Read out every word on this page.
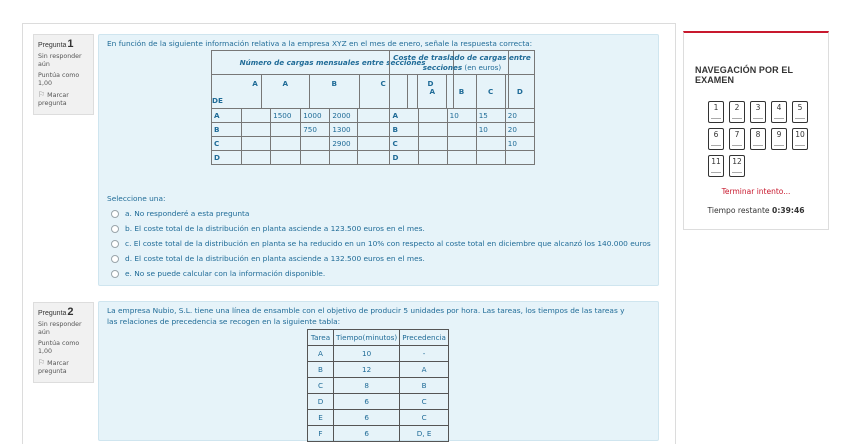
Pregunta1
Sin responder aún
Puntúa como 1,00
⚐ Marcar pregunta
En función de la siguiente información relativa a la empresa XYZ en el mes de enero, señale la respuesta correcta:
Número de cargas mensuales entre secciones					

A
DE	A	B	C	D	
Coste de traslado de cargas entre secciones (en euros)
	A	B	C	D
A		1500	1000	2000		A		10	15	20
B			750	1300		B			10	20
C				2900		C				10
D						D				
Seleccione una:
a. No responderé a esta pregunta
b. El coste total de la distribución en planta asciende a 123.500 euros en el mes.
c. El coste total de la distribución en planta se ha reducido en un 10% con respecto al coste total en diciembre que alcanzó los 140.000 euros
d. El coste total de la distribución en planta asciende a 132.500 euros en el mes.
e. No se puede calcular con la información disponible.
Pregunta2
Sin responder aún
Puntúa como 1,00
⚐ Marcar pregunta
La empresa Nubio, S.L. tiene una línea de ensamble con el objetivo de producir 5 unidades por hora. Las tareas, los tiempos de las tareas y las relaciones de precedencia se recogen en la siguiente tabla:
Tarea	Tiempo(minutos)	Precedencia
A	10	-
B	12	A
C	8	B
D	6	C
E	6	C
F	6	D, E
NAVEGACIÓN POR EL EXAMEN
1	2	3	4	5
6	7	8	9	10
11	12
Terminar intento...
Tiempo restante 0:39:46
